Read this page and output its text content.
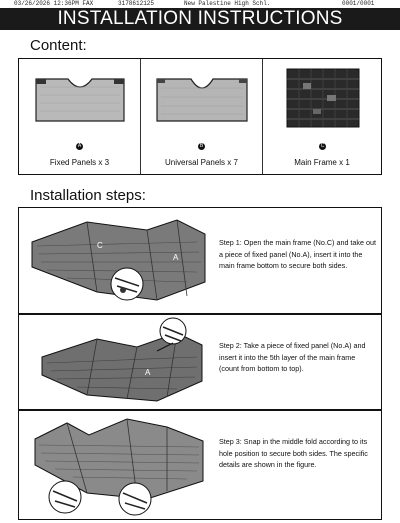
03/26/2026 12:36PM FAX	3178612125	New Palestine High Schl.	0001/0001
INSTALLATION INSTRUCTIONS
Content:
A
Fixed Panels x 3
B
Universal Panels x 7
C
Main Frame x 1
Installation steps:
C
A
Step 1: Open the main frame (No.C) and take out a piece of fixed panel (No.A), insert it into the main frame bottom to secure both sides.
A
Step 2: Take a piece of fixed panel (No.A) and insert it into the 5th layer of the main frame (count from bottom to top).
Step 3: Snap in the middle fold according to its hole position to secure both sides. The specific details are shown in the figure.
